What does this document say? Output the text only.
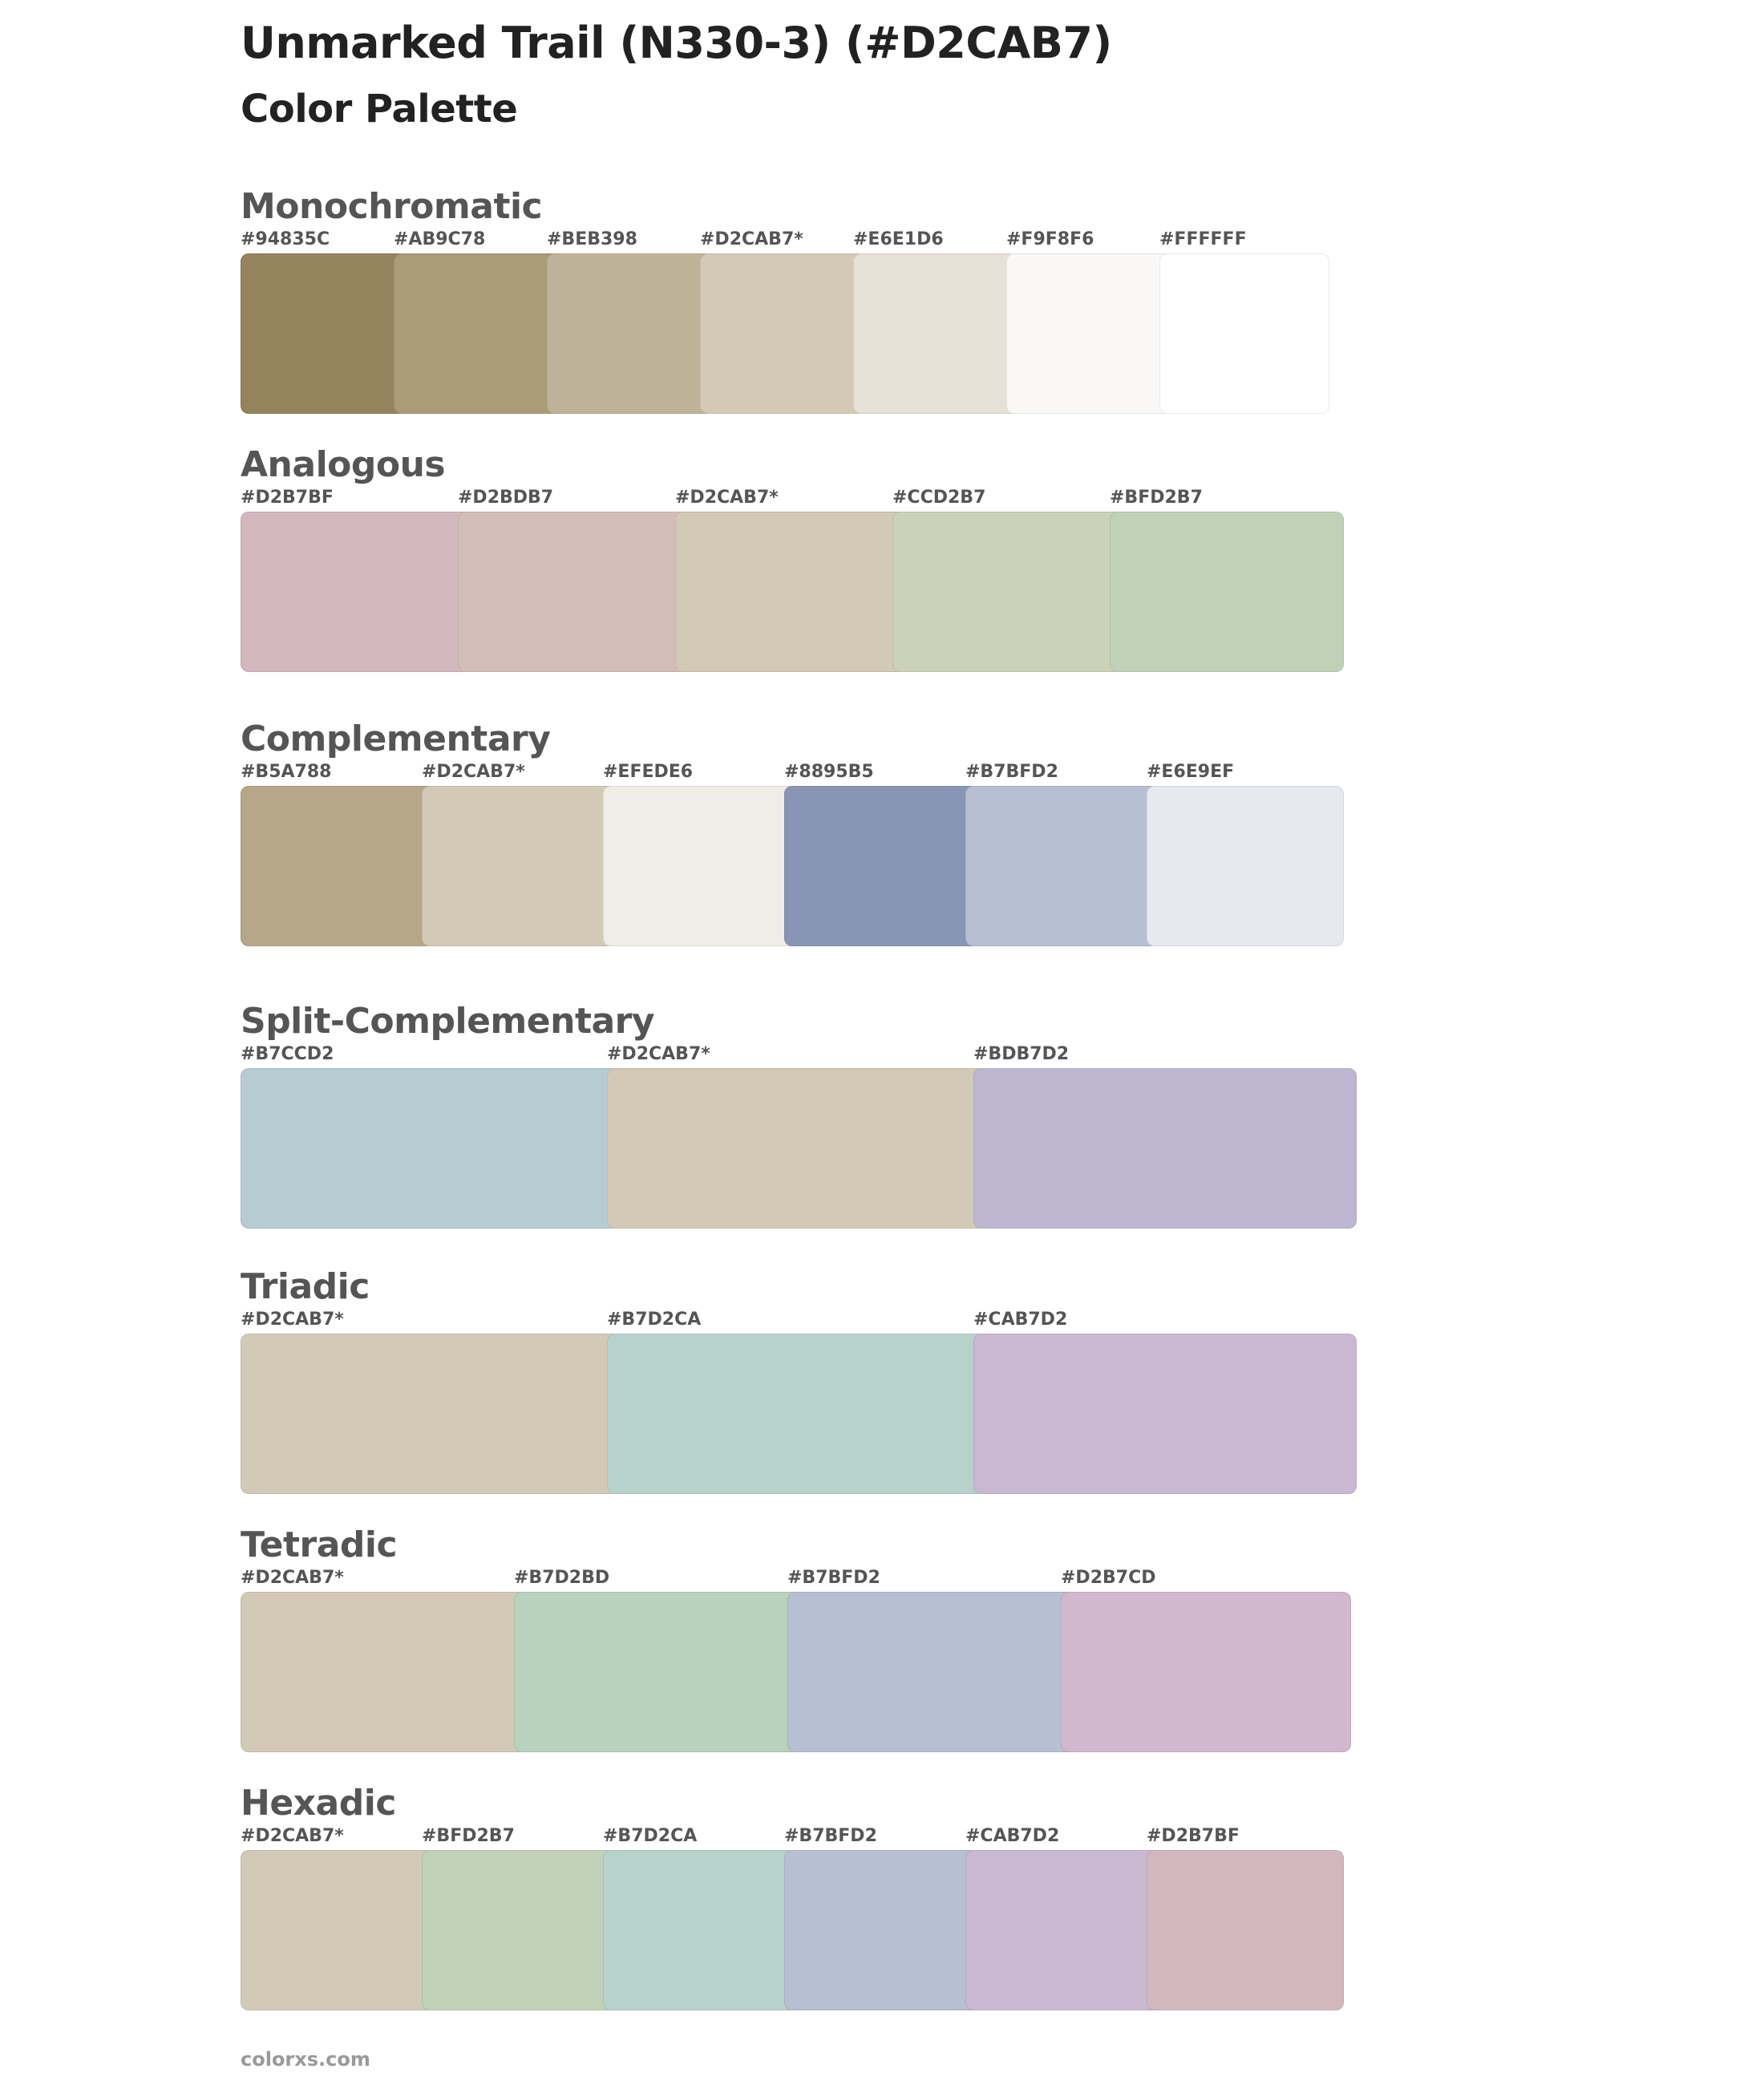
Unmarked Trail (N330-3) (#D2CAB7)
Color Palette
Monochromatic
#94835C	#AB9C78	#BEB398	#D2CAB7*	#E6E1D6	#F9F8F6	#FFFFFF
Analogous
#D2B7BF	#D2BDB7	#D2CAB7*	#CCD2B7	#BFD2B7
Complementary
#B5A788	#D2CAB7*	#EFEDE6	#8895B5	#B7BFD2	#E6E9EF
Split-Complementary
#B7CCD2	#D2CAB7*	#BDB7D2
Triadic
#D2CAB7*	#B7D2CA	#CAB7D2
Tetradic
#D2CAB7*	#B7D2BD	#B7BFD2	#D2B7CD
Hexadic
#D2CAB7*	#BFD2B7	#B7D2CA	#B7BFD2	#CAB7D2	#D2B7BF
colorxs.com
